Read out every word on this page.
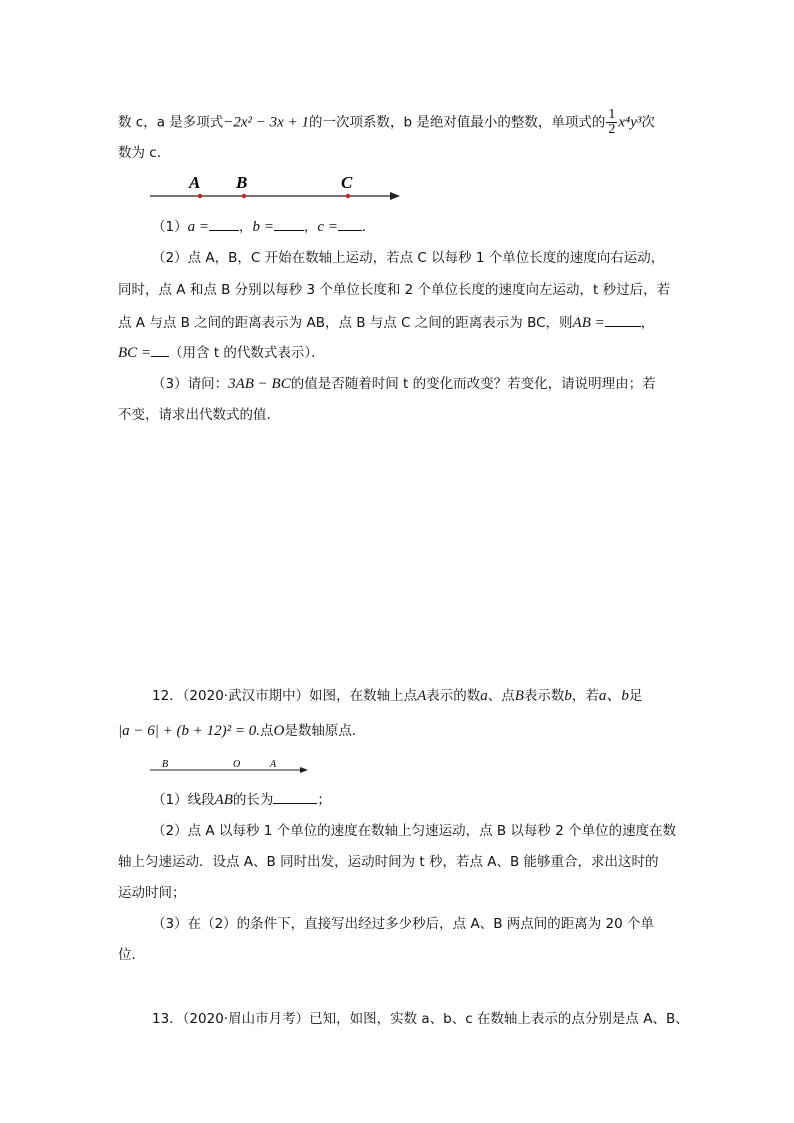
数 c，a 是多项式−2x² − 3x + 1的一次项系数，b 是绝对值最小的整数，单项式的 $\frac{1}{2} x^4y^3$次
数为 c．
A B	C
（1）a = ，b = ，c = ．
（2）点 A，B，C 开始在数轴上运动，若点 C 以每秒 1 个单位长度的速度向右运动，
同时，点 A 和点 B 分别以每秒 3 个单位长度和 2 个单位长度的速度向左运动，t 秒过后，若
点 A 与点 B 之间的距离表示为 AB，点 B 与点 C 之间的距离表示为 BC，则AB =	，
BC = （用含 t 的代数式表示）．
（3）请问：3AB − BC的值是否随着时间 t 的变化而改变？若变化，请说明理由；若
不变，请求出代数式的值．
12．（2020·武汉市期中）如图，在数轴上点A表示的数a、点B表示数b，若a、b足
|a − 6| + (b + 12)² = 0.点O是数轴原点．
B	O	A
（1）线段AB的长为	；
（2）点 A 以每秒 1 个单位的速度在数轴上匀速运动，点 B 以每秒 2 个单位的速度在数
轴上匀速运动．设点 A、B 同时出发，运动时间为 t 秒，若点 A、B 能够重合，求出这时的
运动时间；
（3）在（2）的条件下，直接写出经过多少秒后，点 A、B 两点间的距离为 20 个单
位．
13．（2020·眉山市月考）已知，如图，实数 a、b、c 在数轴上表示的点分别是点 A、B、
